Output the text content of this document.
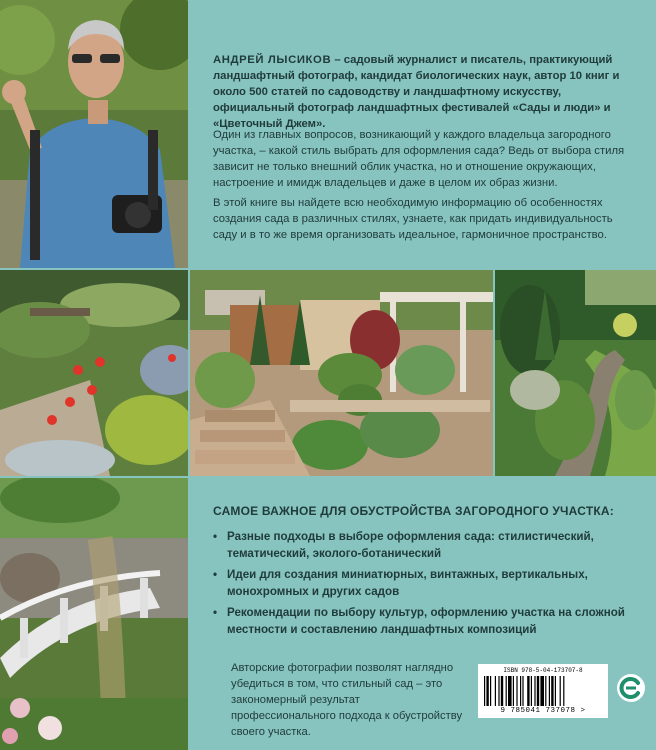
АНДРЕЙ ЛЫСИКОВ – садовый журналист и писатель, практикующий ландшафтный фотограф, кандидат биологических наук, автор 10 книг и около 500 статей по садоводству и ландшафтному искусству, официальный фотограф ландшафтных фестивалей «Сады и люди» и «Цветочный Джем».
Один из главных вопросов, возникающий у каждого владельца загородного участка, – какой стиль выбрать для оформления сада? Ведь от выбора стиля зависит не только внешний облик участка, но и отношение окружающих, настроение и имидж владельцев и даже в целом их образ жизни.
В этой книге вы найдете всю необходимую информацию об особенностях создания сада в различных стилях, узнаете, как придать индивидуальность саду и в то же время организовать идеальное, гармоничное пространство.
САМОЕ ВАЖНОЕ ДЛЯ ОБУСТРОЙСТВА ЗАГОРОДНОГО УЧАСТКА:
• Разные подходы в выборе оформления сада: стилистический, тематический, эколого-ботанический
• Идеи для создания миниатюрных, винтажных, вертикальных, монохромных и других садов
• Рекомендации по выбору культур, оформлению участка на сложной местности и составлению ландшафтных композиций
Авторские фотографии позволят наглядно убедиться в том, что стильный сад – это закономерный результат профессионального подхода к обустройству своего участка.
ISBN 978-5-04-173707-8
9 785041 737078 >
